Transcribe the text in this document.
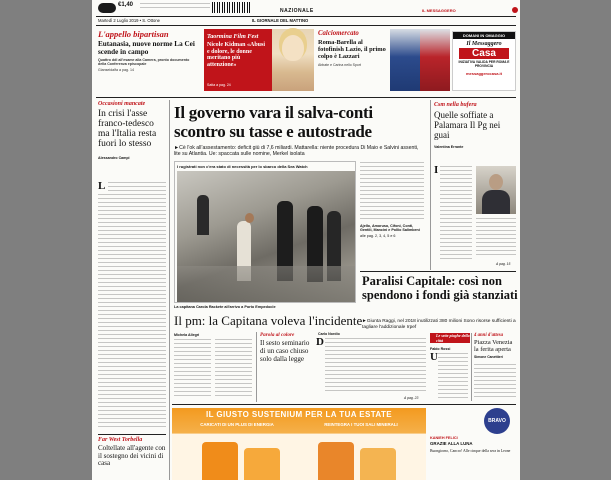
€1,40
NAZIONALE	IL MESSAGGERO
Martedì 2 Luglio 2019 • S. Ottone	IL GIORNALE DEL MATTINO
L'appello bipartisan
Eutanasia, nuove norme La Cei scende in campo
Quattro ddl all'esame alla Camera, pronto documento della Conferenza episcopale
Gianseidalfa a pag. 14
Taormina Film Fest
Nicole Kidman «Abusi e dolore, le donne meritano più attenzione»
Satta a pag. 24
Calciomercato
Roma-Barella al fotofinish Lazio, il primo colpo è Lazzari
Abbate e Carina nello Sport
DOMANI IN OMAGGIO
Il Messaggero
Casa
INIZIATIVA VALIDA PER ROMA E PROVINCIA
messaggerocasa.it
Occasioni mancate
In crisi l'asse franco-tedesco ma l'Italia resta fuori lo stesso
Alessandro Campi
L
Far West Torbella
Coltellate all'agente con il sostegno dei vicini di casa
Il governo vara il salva-conti scontro su tasse e autostrade
►Cè l'ok all'assestamento: deficit giù di 7,6 miliardi. Mattarella: niente procedura Di Maio e Salvini assenti, lite su Atlantia. Ue: spaccata sulle nomine, Merkel isolata
I rugistrati non c'era stato di necessità per lo sbarco della Sea Watch
Ajello, Amoruso, Cifoni, Conti, Gentili, Mancini e Pollio Salimbeni
alle pag. 2, 3, 4, 5 e 6
La capitana Carola Rackete all'arrivo a Porto Empedocle
Il pm: la Capitana voleva l'incidente
Michela Allegri	Parola al colore
Il sesto seminario di un caso chiuso solo dalla legge
Carlo Nordio
D
A pag. 23
Csm nella bufera
Quelle soffiate a Palamara Il Pg nei guai
Valentina Errante
I
A pag. 15
Paralisi Capitale: così non spendono i fondi già stanziati
►Giunta Raggi, nel 2018 inutilizzati 380 milioni Sono risorse sufficienti a tagliare l'addizionale Irpef
Le sette piaghe della città
Fabio Rossi
U
4 anni d'attesa
Piazza Venezia la ferita aperta
Simone Canettieri
IL GIUSTO SUSTENIUM PER LA TUA ESTATE
CARICATI DI UN PLUS DI ENERGIA	REINTEGRA I TUOI SALI MINERALI
BRAVO
KANIEH FELICI
GRAZIE ALLA LUNA
Buongiorno, Cancro! Alle cinque della sera in Leone
